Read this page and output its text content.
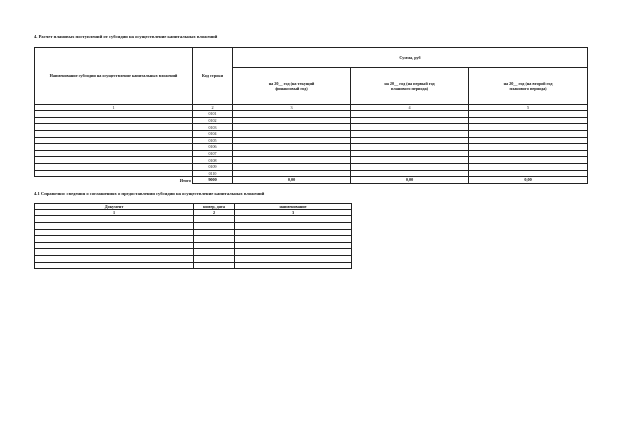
4. Расчет плановых поступлений от субсидии на осуществление капитальных вложений
Наименование субсидии на осуществление капитальных вложений	Код строки	Сумма, руб		
		на 20__ год (на текущий финансовый год)	на 20__ год (на первый год планового периода)	на 20__ год (на второй год планового периода)
1	2	3	4	5
	0101			
	0102			
	0103			
	0104			
	0105			
	0106			
	0107			
	0108			
	0109			
	0110			
Итого	9000	0,00	0,00	0,00
4.1 Справочно: сведения о соглашениях о предоставлении субсидии на осуществление капитальных вложений
Документ	номер, дата	наименование
1	2	3
